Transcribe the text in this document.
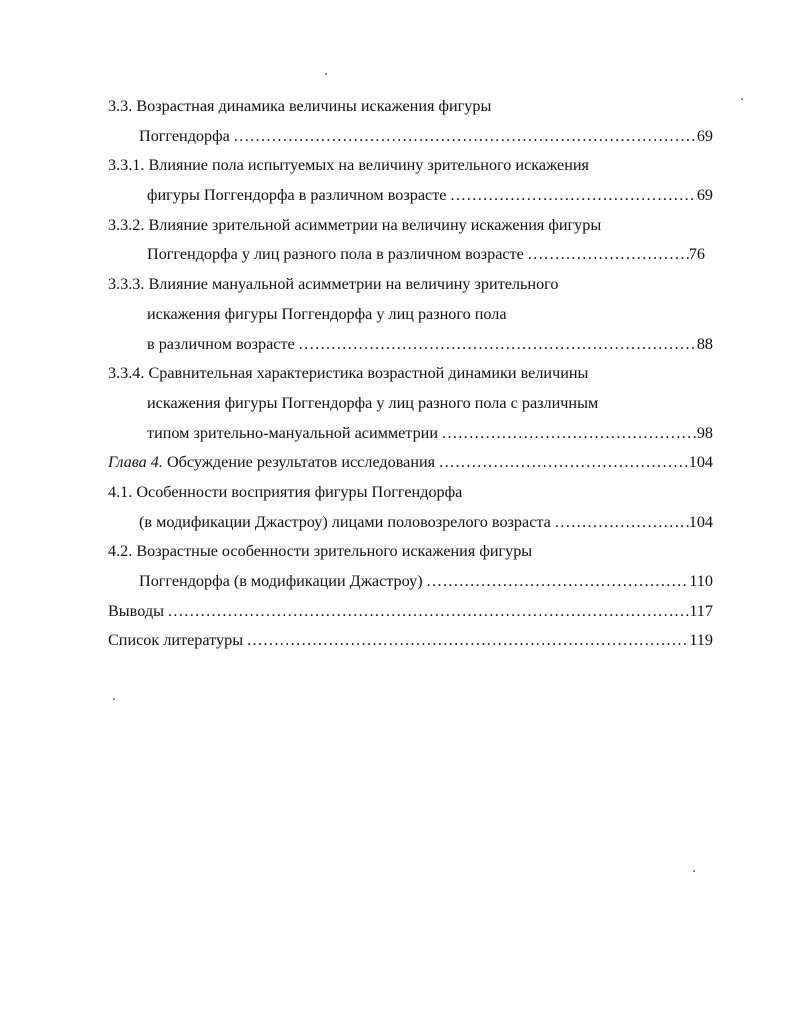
3.3. Возрастная динамика величины искажения фигуры
Поггендорфа .....	69
3.3.1. Влияние пола испытуемых на величину зрительного искажения
фигуры Поггендорфа в различном возрасте .....	69
3.3.2. Влияние зрительной асимметрии на величину искажения фигуры
Поггендорфа у лиц разного пола в различном возрасте .....	76
3.3.3. Влияние мануальной асимметрии на величину зрительного
искажения фигуры Поггендорфа у лиц разного пола
в различном возрасте .....	88
3.3.4. Сравнительная характеристика возрастной динамики величины
искажения фигуры Поггендорфа у лиц разного пола с различным
типом зрительно-мануальной асимметрии .....	98
Глава 4. Обсуждение результатов исследования .....	104
4.1. Особенности восприятия фигуры Поггендорфа
(в модификации Джастроу) лицами половозрелого возраста .....	104
4.2. Возрастные особенности зрительного искажения фигуры
Поггендорфа (в модификации Джастроу) .....	110
Выводы .....	117
Список литературы .....	119
